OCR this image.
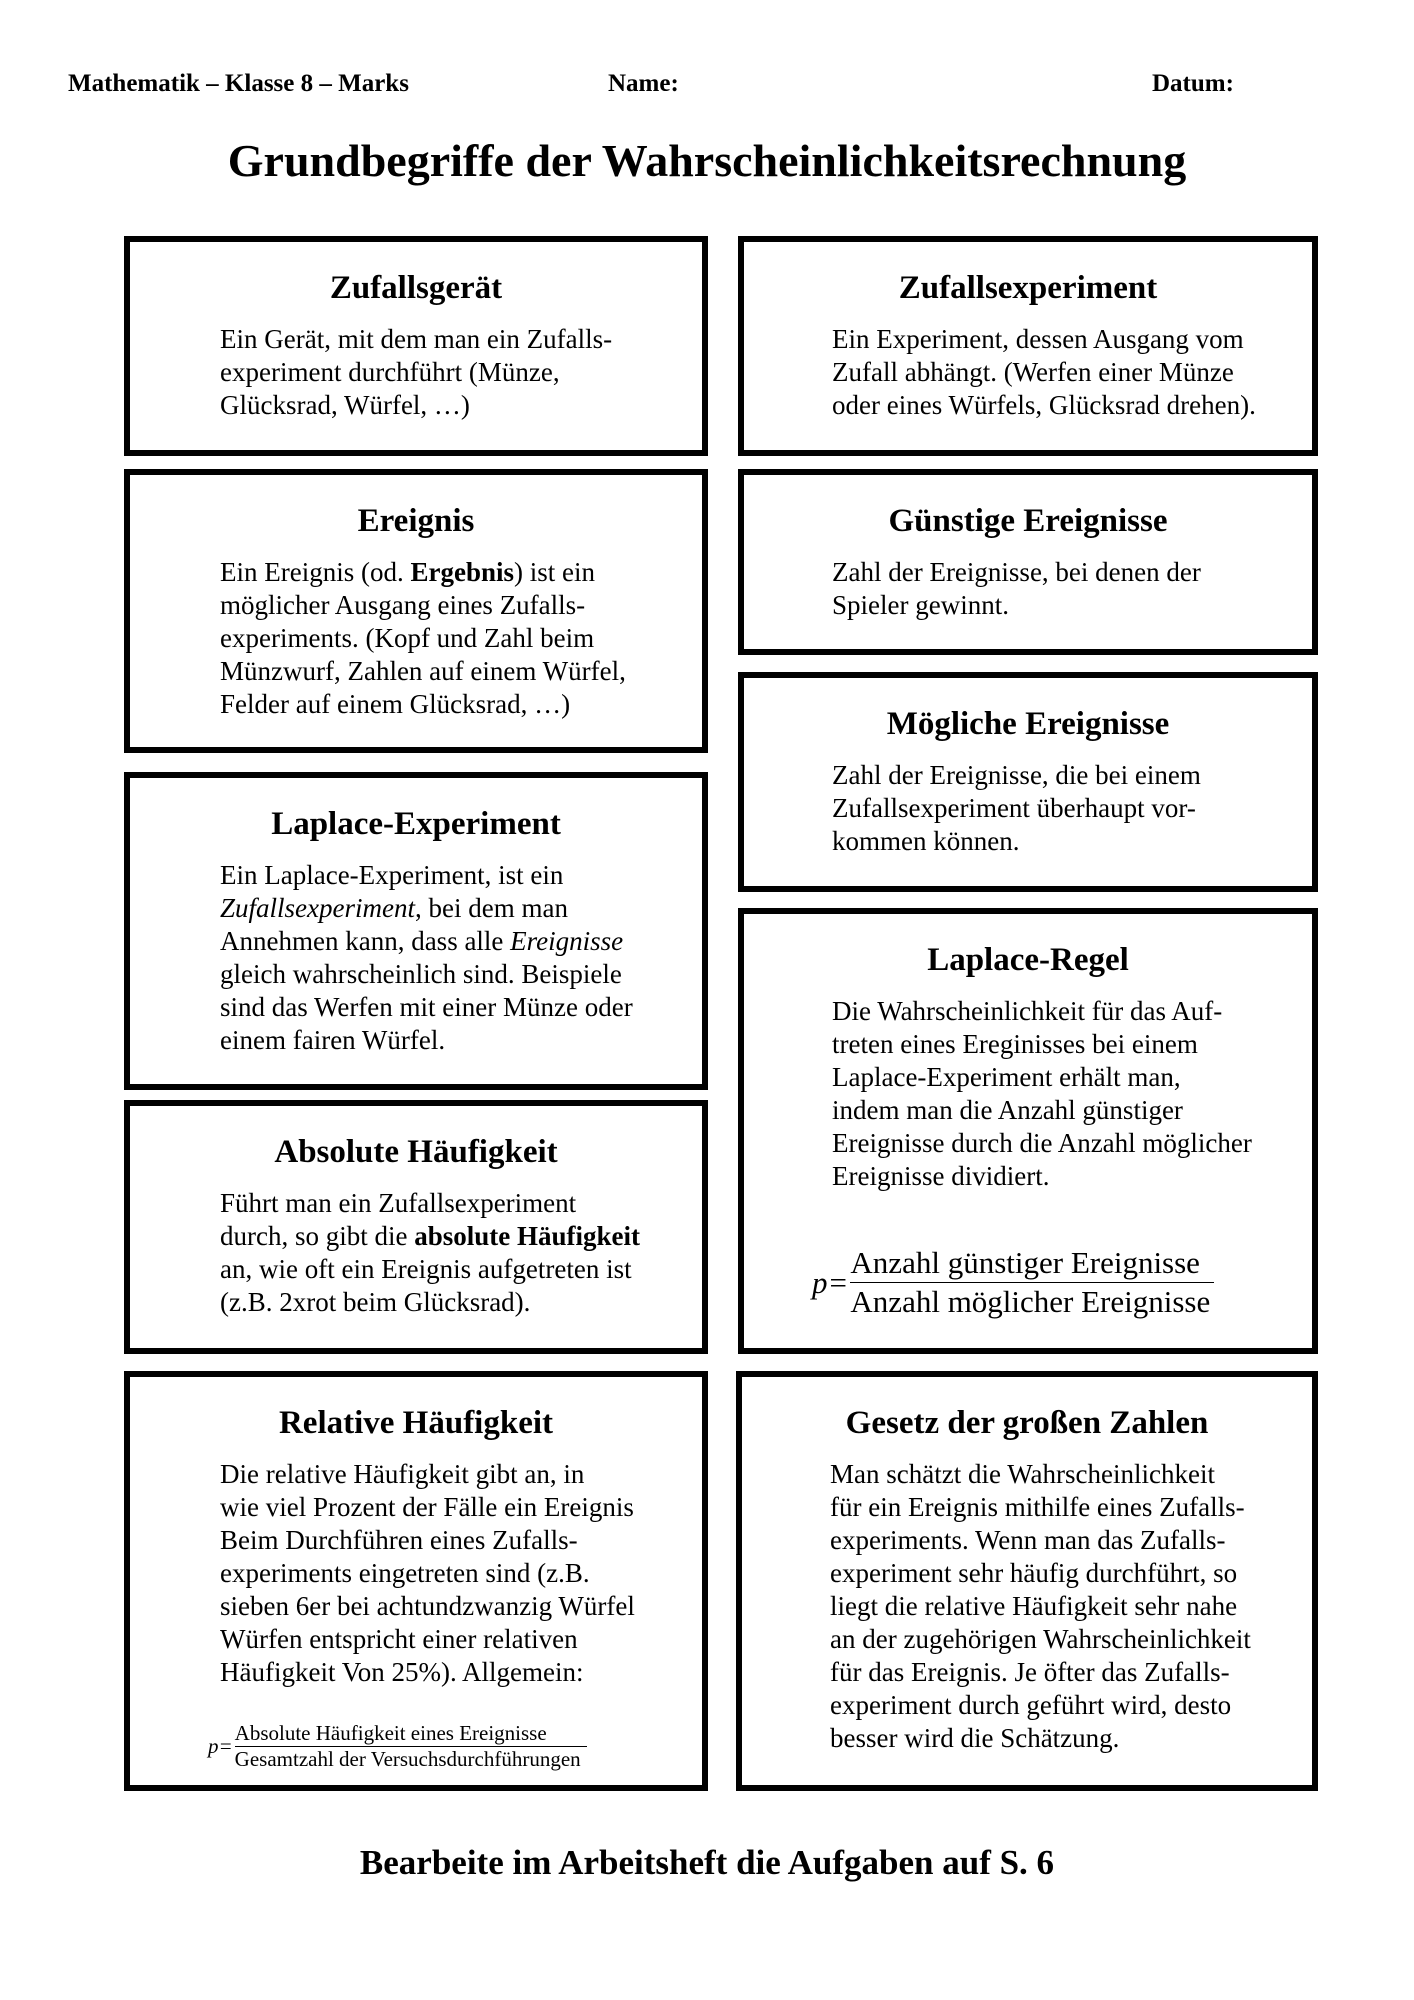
Mathematik – Klasse 8 – Marks	Name:	Datum:
Grundbegriffe der Wahrscheinlichkeitsrechnung
Zufallsgerät

Ein Gerät, mit dem man ein Zufalls-
experiment durchführt (Münze,
Glücksrad, Würfel, …)

Zufallsexperiment

Ein Experiment, dessen Ausgang vom
Zufall abhängt. (Werfen einer Münze
oder eines Würfels, Glücksrad drehen).

Ereignis

Ein Ereignis (od. Ergebnis) ist ein
möglicher Ausgang eines Zufalls-
experiments. (Kopf und Zahl beim
Münzwurf, Zahlen auf einem Würfel,
Felder auf einem Glücksrad, …)

Günstige Ereignisse

Zahl der Ereignisse, bei denen der
Spieler gewinnt.

Mögliche Ereignisse

Zahl der Ereignisse, die bei einem
Zufallsexperiment überhaupt vor-
kommen können.

Laplace-Experiment

Ein Laplace-Experiment, ist ein
Zufallsexperiment, bei dem man
Annehmen kann, dass alle Ereignisse
gleich wahrscheinlich sind. Beispiele
sind das Werfen mit einer Münze oder
einem fairen Würfel.

Laplace-Regel

Die Wahrscheinlichkeit für das Auf-
treten eines Ereginisses bei einem
Laplace-Experiment erhält man,
indem man die Anzahl günstiger
Ereignisse durch die Anzahl möglicher
Ereignisse dividiert.

$p= \frac{\text{Anzahl günstiger Ereignisse}}{\text{Anzahl möglicher Ereignisse}}$
Absolute Häufigkeit

Führt man ein Zufallsexperiment
durch, so gibt die absolute Häufigkeit
an, wie oft ein Ereignis aufgetreten ist
(z.B. 2xrot beim Glücksrad).

Relative Häufigkeit

Die relative Häufigkeit gibt an, in
wie viel Prozent der Fälle ein Ereignis
Beim Durchführen eines Zufalls-
experiments eingetreten sind (z.B.
sieben 6er bei achtundzwanzig Würfel
Würfen entspricht einer relativen
Häufigkeit Von 25%). Allgemein:

$p= \frac{\text{Absolute Häufigkeit eines Ereignisse}}{\text{Gesamtzahl der Versuchsdurchführungen}}$
Gesetz der großen Zahlen

Man schätzt die Wahrscheinlichkeit
für ein Ereignis mithilfe eines Zufalls-
experiments. Wenn man das Zufalls-
experiment sehr häufig durchführt, so
liegt die relative Häufigkeit sehr nahe
an der zugehörigen Wahrscheinlichkeit
für das Ereignis. Je öfter das Zufalls-
experiment durch geführt wird, desto
besser wird die Schätzung.

Bearbeite im Arbeitsheft die Aufgaben auf S. 6
